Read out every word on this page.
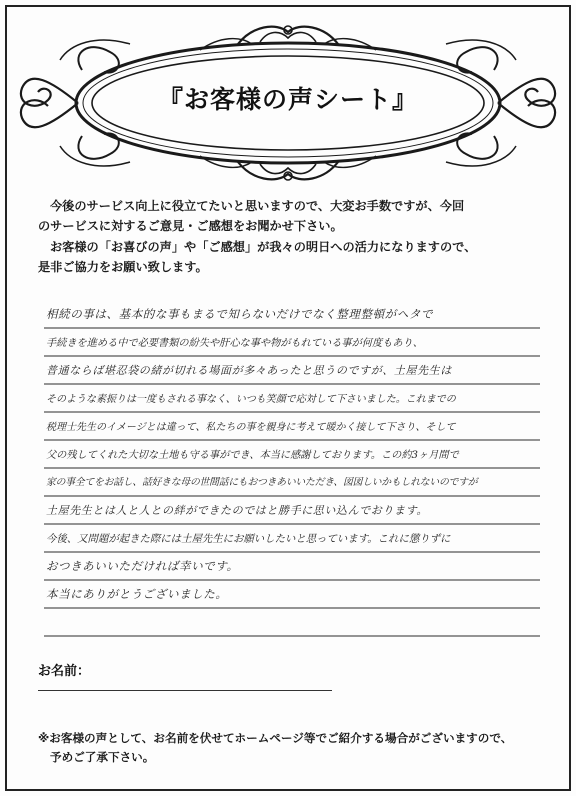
『お客様の声シート』

今後のサービス向上に役立てたいと思いますので、大変お手数ですが、今回

のサービスに対するご意見・ご感想をお聞かせ下さい。

お客様の「お喜びの声」や「ご感想」が我々の明日への活力になりますので、

是非ご協力をお願い致します。

相続の事は、基本的な事もまるで知らないだけでなく整理整頓がヘタで
手続きを進める中で必要書類の紛失や肝心な事や物がもれている事が何度もあり、
普通ならば堪忍袋の緒が切れる場面が多々あったと思うのですが、土屋先生は
そのような素振りは一度もされる事なく、いつも笑顔で応対して下さいました。これまでの
税理士先生のイメージとは違って、私たちの事を親身に考えて暖かく接して下さり、そして
父の残してくれた大切な土地も守る事ができ、本当に感謝しております。この約3ヶ月間で
家の事全てをお話し、話好きな母の世間話にもおつきあいいただき、図図しいかもしれないのですが
土屋先生とは人と人との絆ができたのではと勝手に思い込んでおります。
今後、又問題が起きた際には土屋先生にお願いしたいと思っています。これに懲りずに
おつきあいいただければ幸いです。
本当にありがとうございました。
お名前：

※お客様の声として、お名前を伏せてホームページ等でご紹介する場合がございますので、

予めご了承下さい。
